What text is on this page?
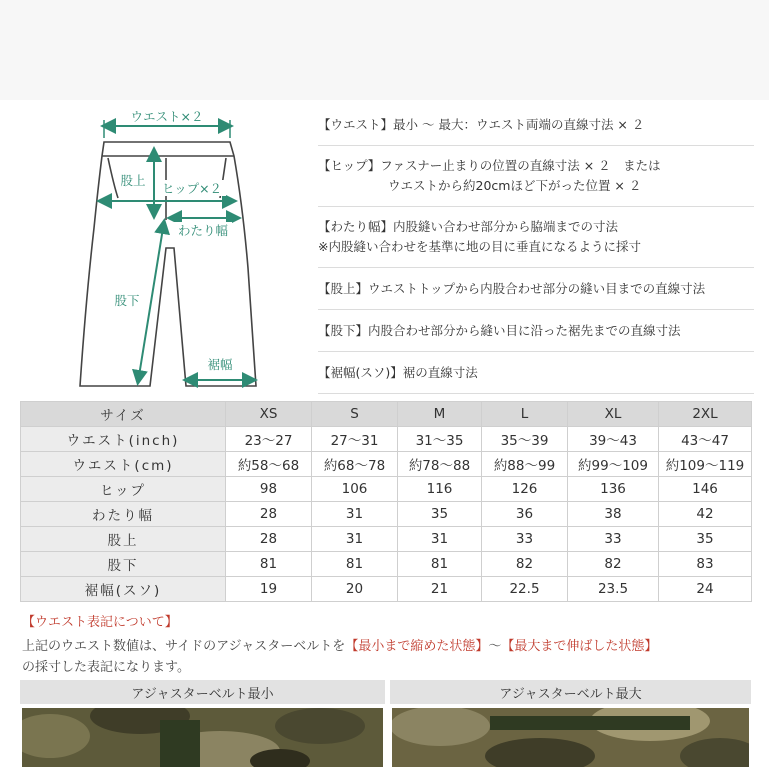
ウエスト×２
股上
ヒップ×２
わたり幅
股下
裾幅
【ウエスト】最小 ～ 最大：ウエスト両端の直線寸法 × ２
【ヒップ】ファスナー止まりの位置の直線寸法 × ２　または
ウエストから約20cmほど下がった位置 × ２
【わたり幅】内股縫い合わせ部分から脇端までの寸法
※内股縫い合わせを基準に地の目に垂直になるように採寸
【股上】ウエストトップから内股合わせ部分の縫い目までの直線寸法
【股下】内股合わせ部分から縫い目に沿った裾先までの直線寸法
【裾幅(スソ)】裾の直線寸法
サイズ	XS	S	M	L	XL	2XL
ウエスト(inch)	23～27	27～31	31～35	35～39	39～43	43～47
ウエスト(cm)	約58～68	約68～78	約78～88	約88～99	約99～109	約109～119
ヒップ	98	106	116	126	136	146
わたり幅	28	31	35	36	38	42
股上	28	31	31	33	33	35
股下	81	81	81	82	82	83
裾幅(スソ)	19	20	21	22.5	23.5	24
【ウエスト表記について】
上記のウエスト数値は、サイドのアジャスターベルトを【最小まで縮めた状態】～【最大まで伸ばした状態】
の採寸した表記になります。
アジャスターベルト最小	アジャスターベルト最大
